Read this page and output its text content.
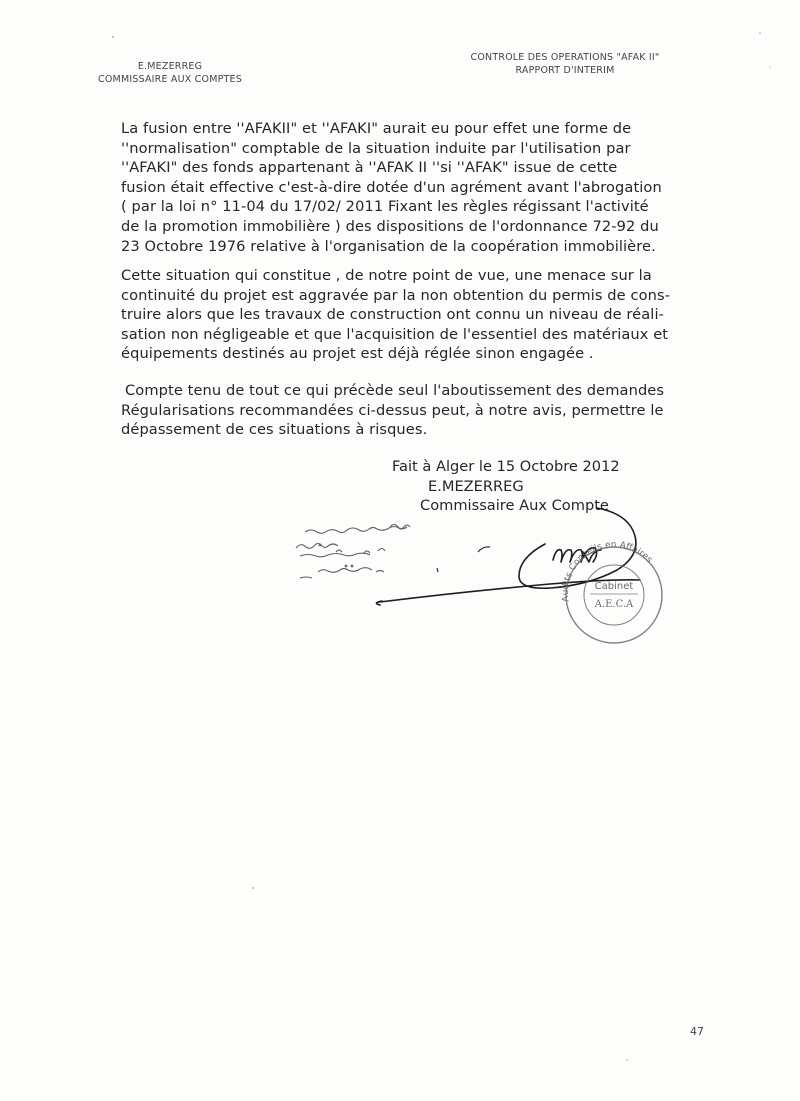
E.MEZERREG
COMMISSAIRE AUX COMPTES
CONTROLE DES OPERATIONS "AFAK II"
RAPPORT D'INTERIM
La fusion entre ''AFAKII" et ''AFAKI" aurait eu pour effet une forme de
''normalisation" comptable de la situation induite par l'utilisation par
''AFAKI" des fonds appartenant à ''AFAK II ''si ''AFAK" issue de cette
fusion était effective c'est-à-dire dotée d'un agrément avant l'abrogation
( par la loi n° 11-04 du 17/02/ 2011 Fixant les règles régissant l'activité
de la promotion immobilière ) des dispositions de l'ordonnance 72-92 du
23 Octobre 1976 relative à l'organisation de la coopération immobilière.
Cette situation qui constitue , de notre point de vue, une menace sur la
continuité du projet est aggravée par la non obtention du permis de cons-
truire alors que les travaux de construction ont connu un niveau de réali-
sation non négligeable et que l'acquisition de l'essentiel des matériaux et
équipements destinés au projet est déjà réglée sinon engagée .
Compte tenu de tout ce qui précède seul l'aboutissement des demandes
Régularisations recommandées ci-dessus peut, à notre avis, permettre le
dépassement de ces situations à risques.
Fait à Alger le 15 Octobre 2012
E.MEZERREG
Commissaire Aux Compte
Audits Conseils en Affaires
Cabinet
A.E.C.A
47
